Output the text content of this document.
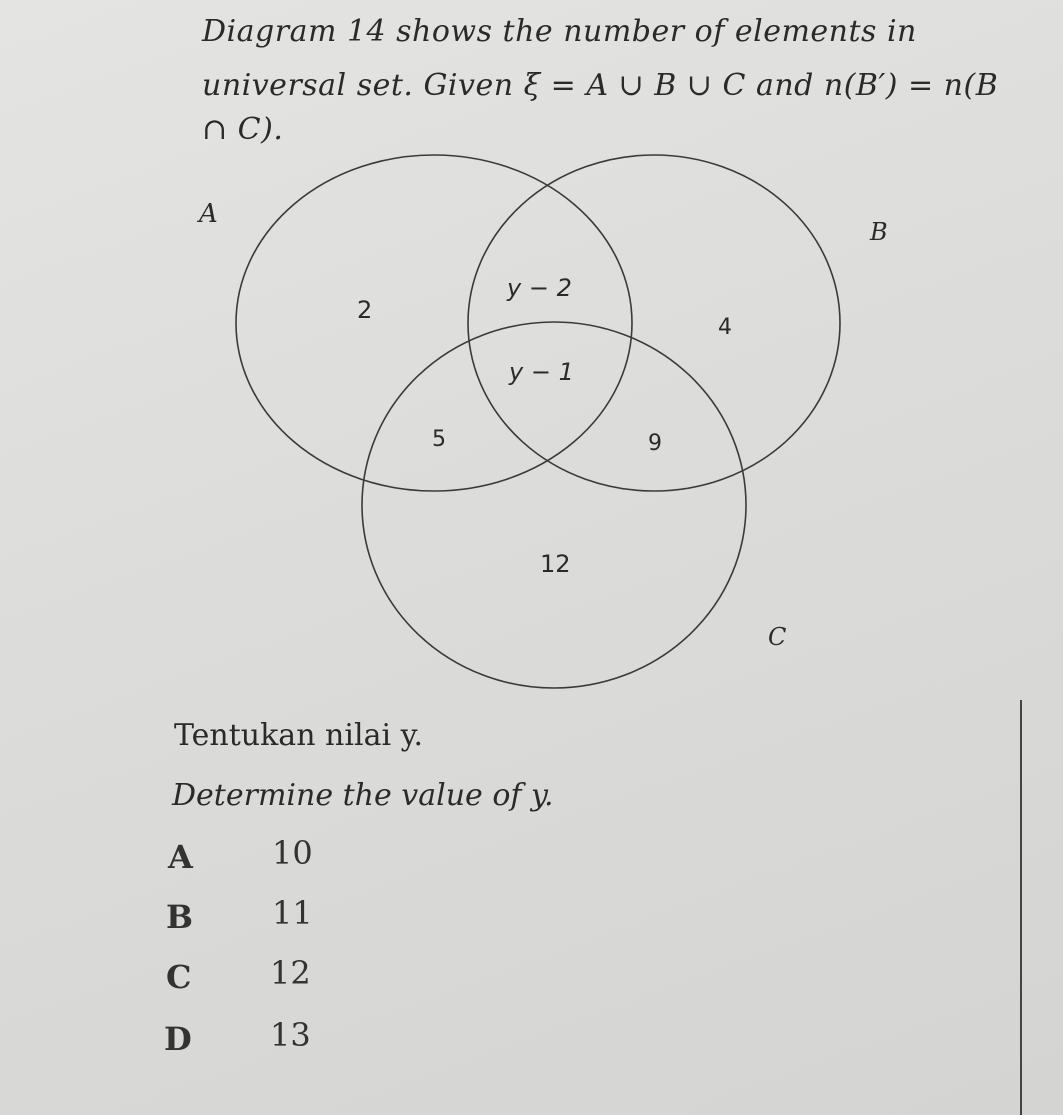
Diagram 14 shows the number of elements in
universal set. Given ξ = A ∪ B ∪ C and n(B′) = n(B
∩ C).
A
B
C
2
y − 2
4
y − 1
5	9
12
Tentukan nilai y.
Determine the value of y.
A 10
B 11
C 12
D 13
